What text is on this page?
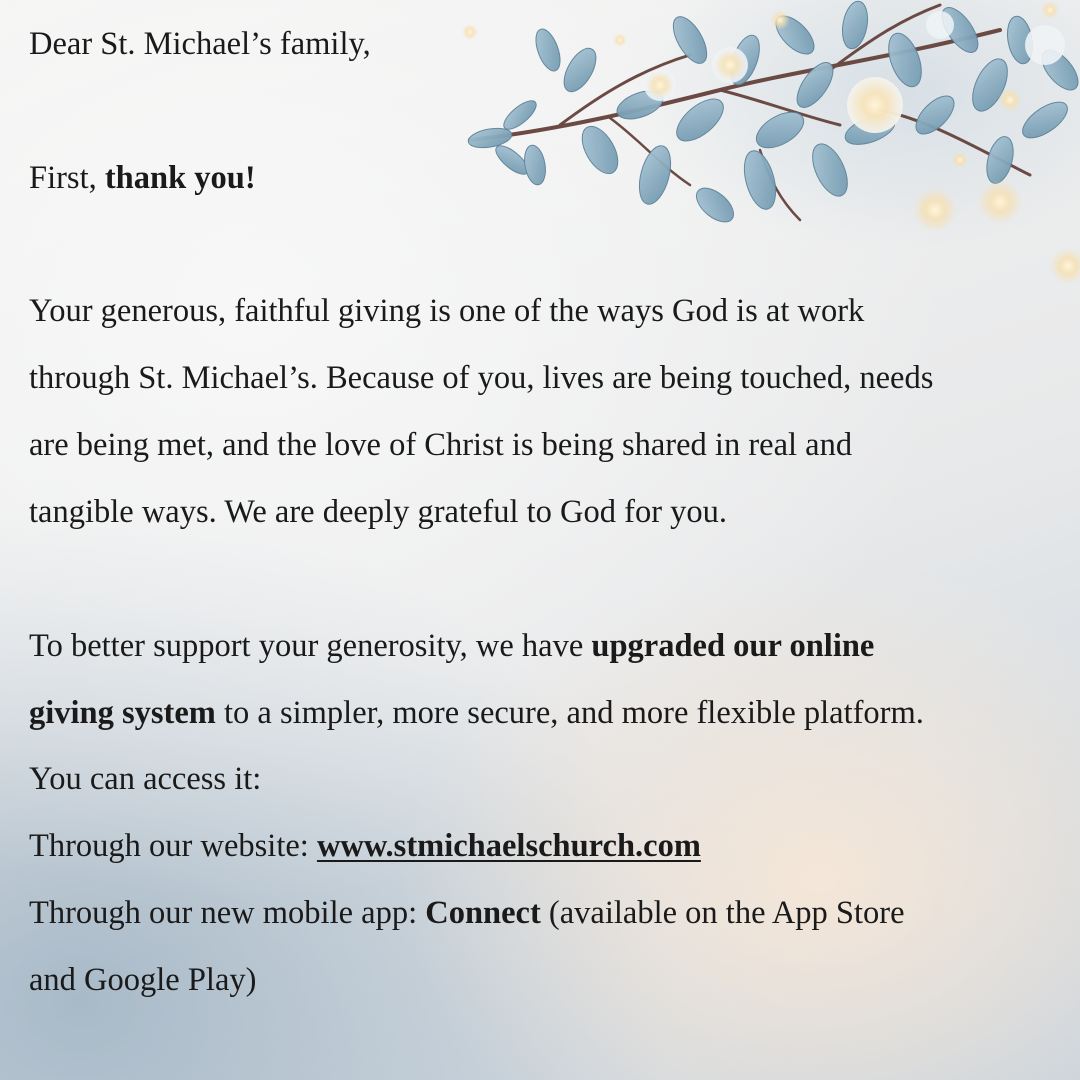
Dear St. Michael’s family,
First, thank you!
Your generous, faithful giving is one of the ways God is at work
through St. Michael’s. Because of you, lives are being touched, needs
are being met, and the love of Christ is being shared in real and
tangible ways. We are deeply grateful to God for you.
To better support your generosity, we have upgraded our online
giving system to a simpler, more secure, and more flexible platform.
You can access it:
Through our website: www.stmichaelschurch.com
Through our new mobile app: Connect (available on the App Store
and Google Play)
